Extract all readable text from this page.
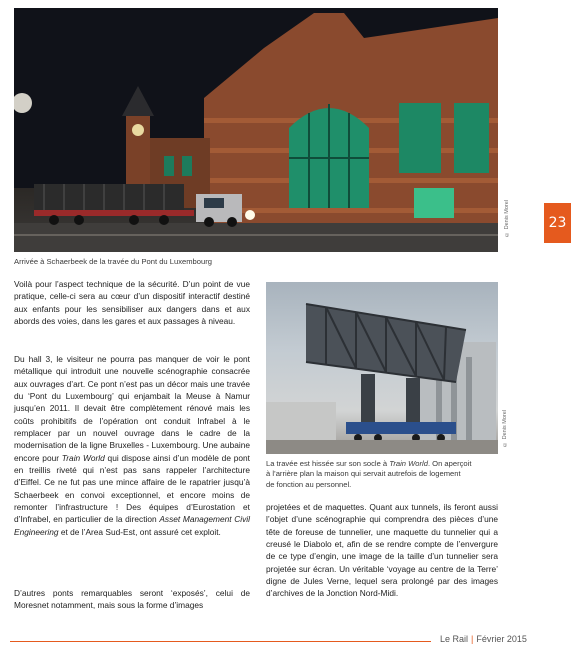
© Denis Morel
Arrivée à Schaerbeek de la travée du Pont du Luxembourg
23

Voilà pour l’aspect technique de la sécurité. D’un point de vue pratique, celle-ci sera au cœur d’un dispositif interactif destiné aux enfants pour les sensibiliser aux dangers dans et aux abords des voies, dans les gares et aux passages à niveau.

Du hall 3, le visiteur ne pourra pas manquer de voir le pont métallique qui introduit une nouvelle scénographie consacrée aux ouvrages d’art. Ce pont n’est pas un décor mais une travée du ‘Pont du Luxembourg’ qui enjambait la Meuse à Namur jusqu’en 2011. Il devait être complètement rénové mais les coûts prohibitifs de l’opération ont conduit Infrabel à le remplacer par un nouvel ouvrage dans le cadre de la modernisation de la ligne Bruxelles - Luxembourg. Une aubaine encore pour Train World qui dispose ainsi d’un modèle de pont en treillis riveté qui n’est pas sans rappeler l’architecture d’Eiffel. Ce ne fut pas une mince affaire de le rapatrier jusqu’à Schaerbeek en convoi exceptionnel, et encore moins de remonter l’infrastructure ! Des équipes d’Eurostation et d’Infrabel, en particulier de la direction Asset Management Civil Engineering et de l’Area Sud-Est, ont assuré cet exploit.

D’autres ponts remarquables seront ‘exposés’, celui de Moresnet notamment, mais sous la forme d’images

© Denis Morel
La travée est hissée sur son socle à Train World. On aperçoit
à l’arrière plan la maison qui servait autrefois de logement
de fonction au personnel.

projetées et de maquettes. Quant aux tunnels, ils feront aussi l’objet d’une scénographie qui comprendra des pièces d’une tête de foreuse de tunnelier, une maquette du tunnelier qui a creusé le Diabolo et, afin de se rendre compte de l’envergure de ce type d’engin, une image de la taille d’un tunnelier sera projetée sur écran. Un véritable ‘voyage au centre de la Terre’ digne de Jules Verne, lequel sera prolongé par des images d’archives de la Jonction Nord-Midi.

Le Rail | Février 2015
